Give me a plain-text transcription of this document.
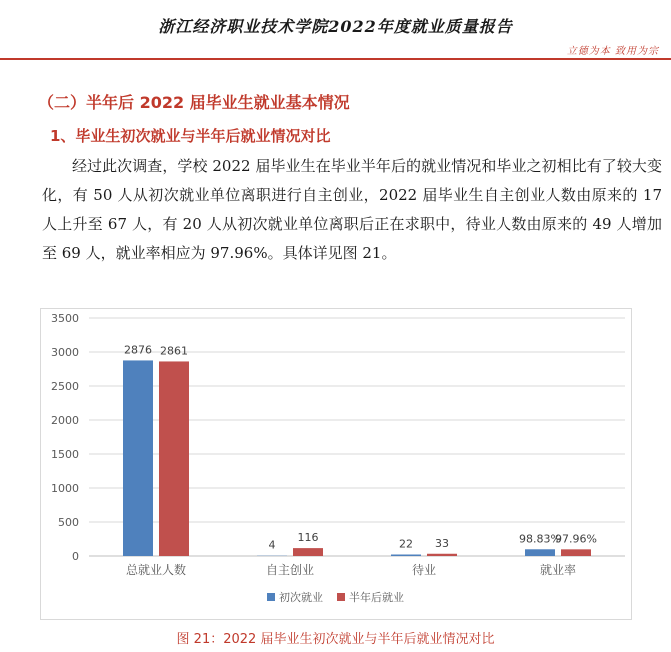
浙江经济职业技术学院2022年度就业质量报告
立德为本 致用为宗
（二）半年后 2022 届毕业生就业基本情况
1、毕业生初次就业与半年后就业情况对比

经过此次调查，学校 2022 届毕业生在毕业半年后的就业情况和毕业之初相比有了较大变化，有 50 人从初次就业单位离职进行自主创业，2022 届毕业生自主创业人数由原来的 17 人上升至 67 人，有 20 人从初次就业单位离职后正在求职中，待业人数由原来的 49 人增加至 69 人，就业率相应为 97.96%。具体详见图 21。

0
500
1000
1500
2000
2500
3000
3500
2876 2861
总就业人数
4
116
自主创业
22 33
待业
98.83%
97.96%
就业率
初次就业 半年后就业
图 21：2022 届毕业生初次就业与半年后就业情况对比
